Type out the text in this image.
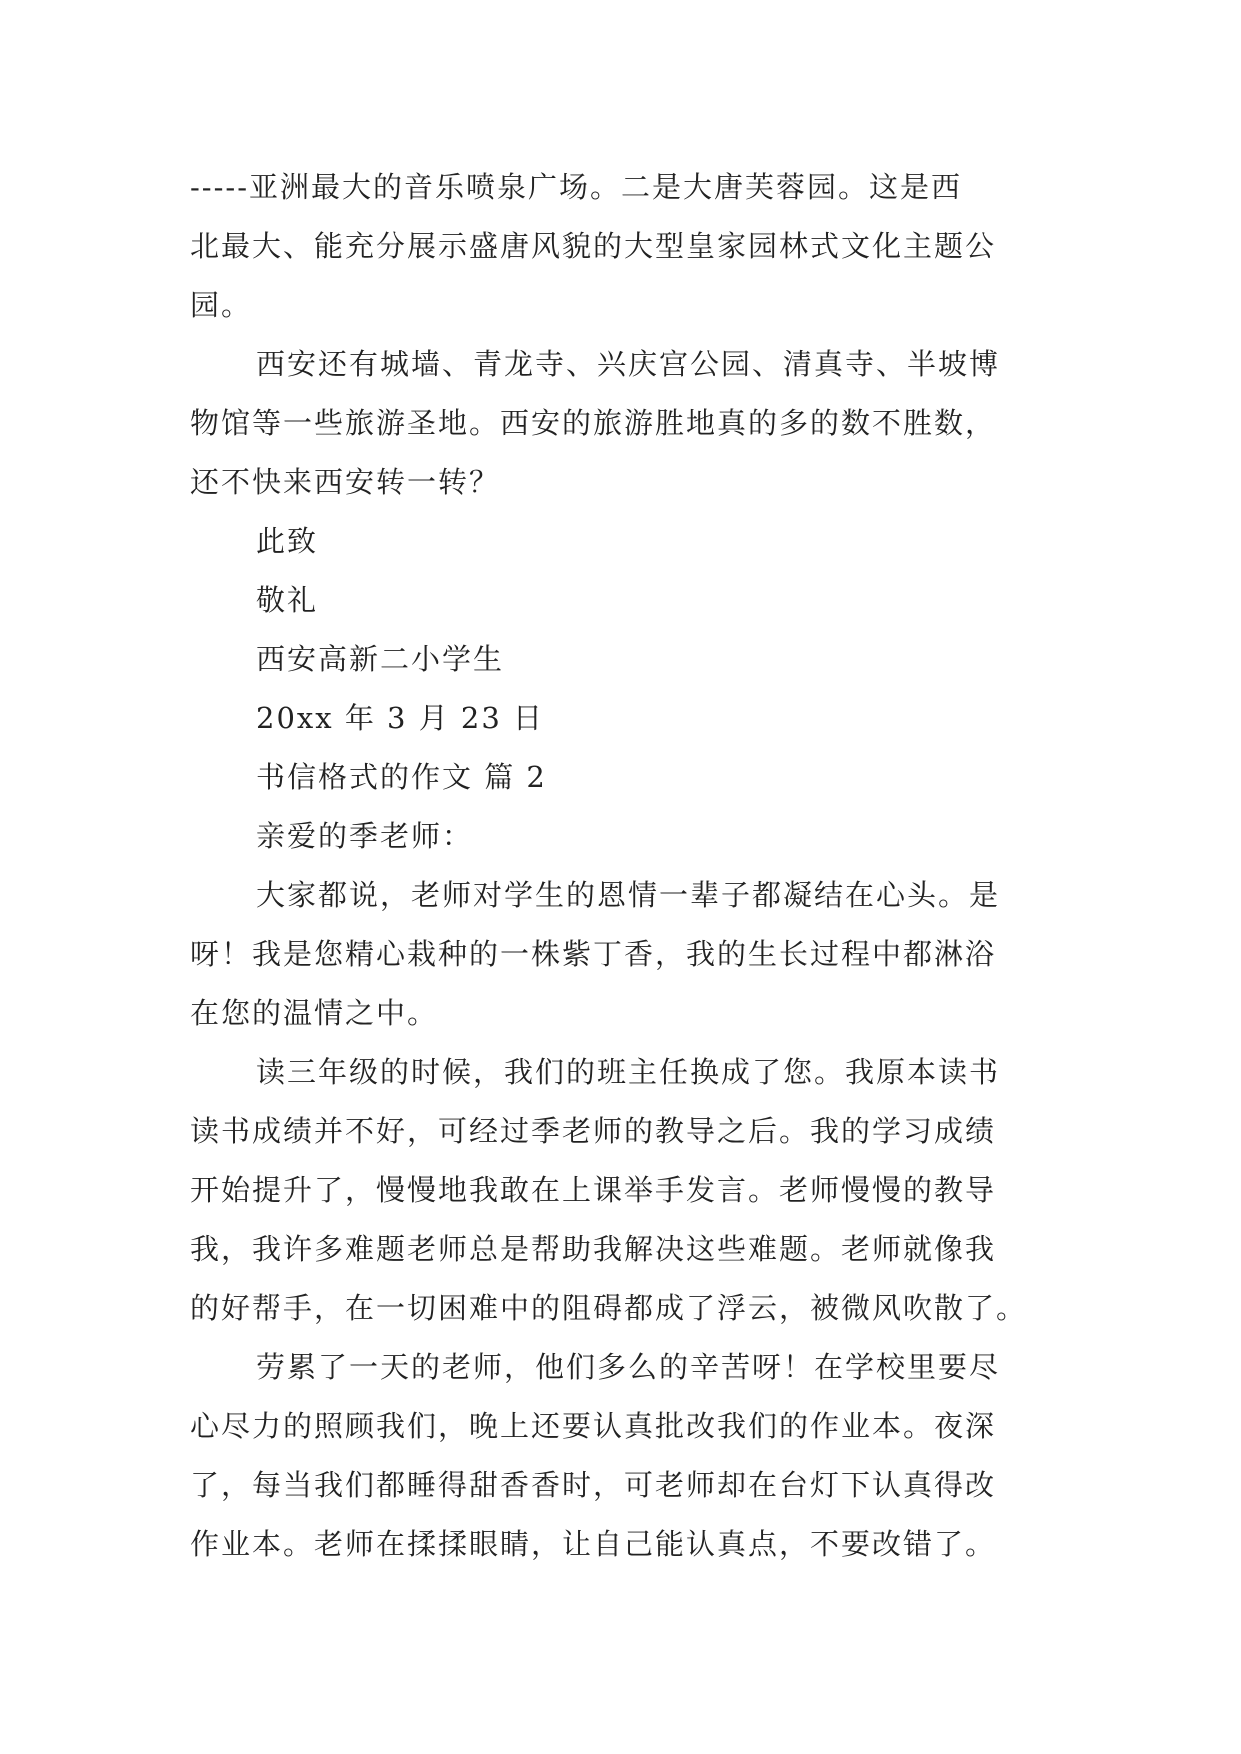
-----亚洲最大的音乐喷泉广场。二是大唐芙蓉园。这是西
北最大、能充分展示盛唐风貌的大型皇家园林式文化主题公
园。
西安还有城墙、青龙寺、兴庆宫公园、清真寺、半坡博
物馆等一些旅游圣地。西安的旅游胜地真的多的数不胜数，
还不快来西安转一转？
此致
敬礼
西安高新二小学生
20xx 年 3 月 23 日
书信格式的作文 篇 2
亲爱的季老师：
大家都说，老师对学生的恩情一辈子都凝结在心头。是
呀！我是您精心栽种的一株紫丁香，我的生长过程中都淋浴
在您的温情之中。
读三年级的时候，我们的班主任换成了您。我原本读书
读书成绩并不好，可经过季老师的教导之后。我的学习成绩
开始提升了，慢慢地我敢在上课举手发言。老师慢慢的教导
我，我许多难题老师总是帮助我解决这些难题。老师就像我
的好帮手，在一切困难中的阻碍都成了浮云，被微风吹散了。
劳累了一天的老师，他们多么的辛苦呀！在学校里要尽
心尽力的照顾我们，晚上还要认真批改我们的作业本。夜深
了，每当我们都睡得甜香香时，可老师却在台灯下认真得改
作业本。老师在揉揉眼睛，让自己能认真点，不要改错了。
